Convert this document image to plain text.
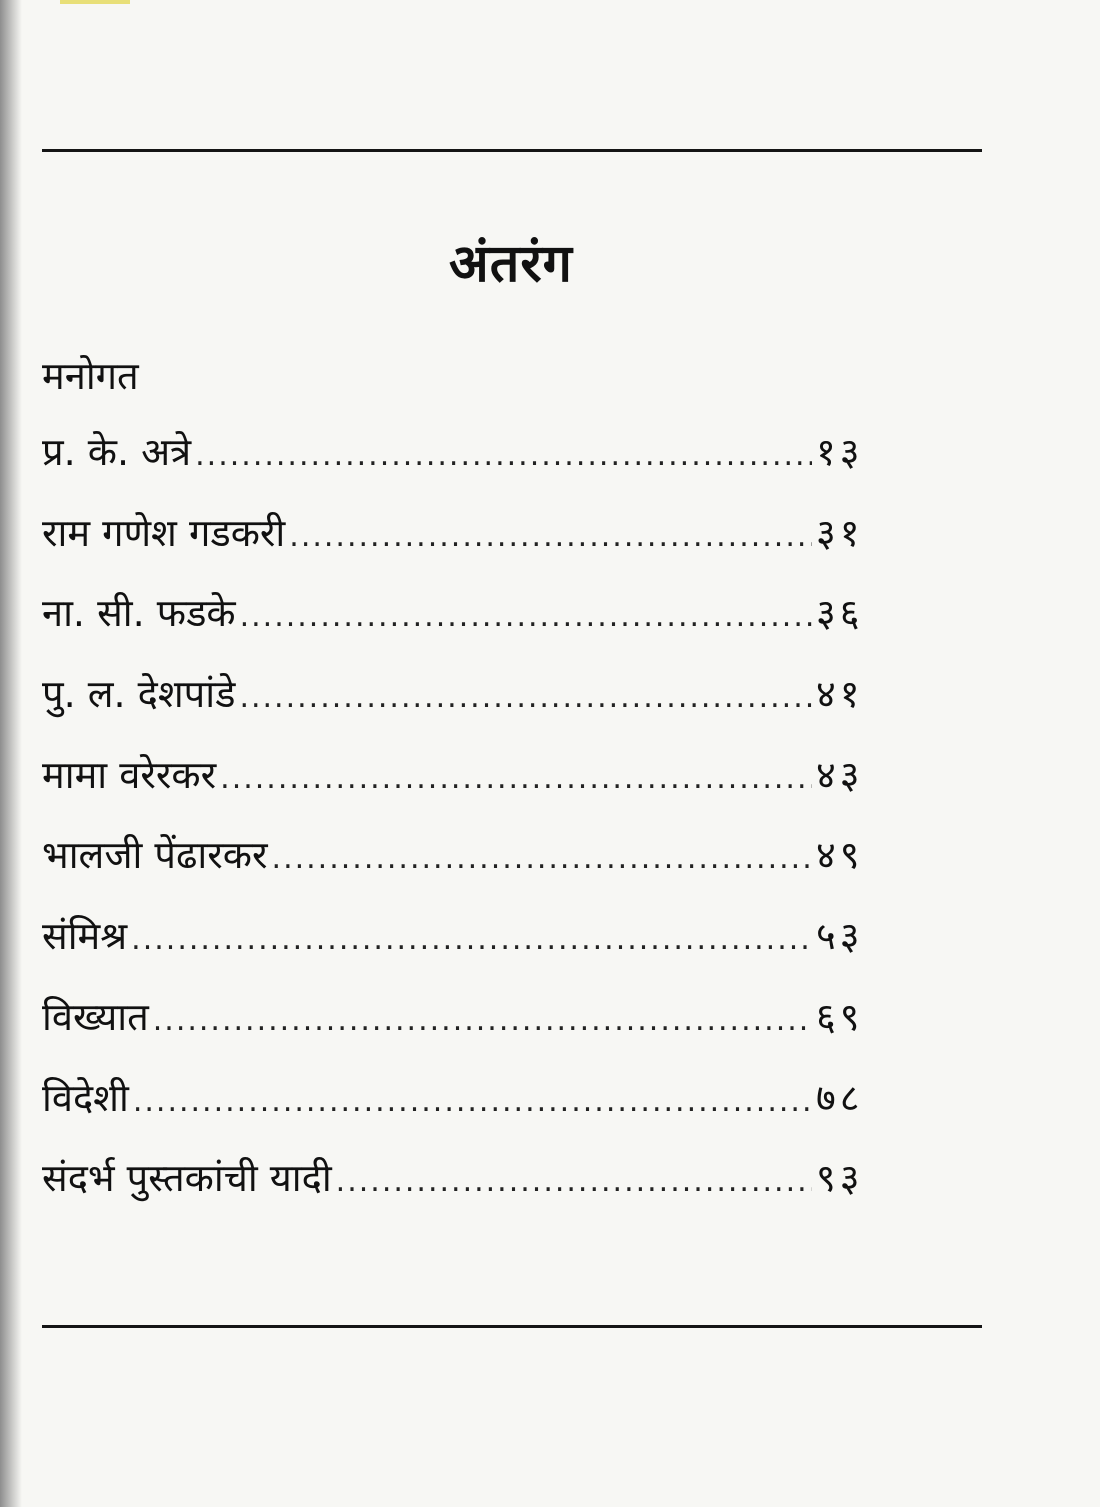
अंतरंग
मनोगत
प्र. के. अत्रे .....	१३
राम गणेश गडकरी .....	३१
ना. सी. फडके .....	३६
पु. ल. देशपांडे .....	४१
मामा वरेरकर .....	४३
भालजी पेंढारकर .....	४९
संमिश्र .....	५३
विख्यात .....	६९
विदेशी .....	७८
संदर्भ पुस्तकांची यादी .....	९३
